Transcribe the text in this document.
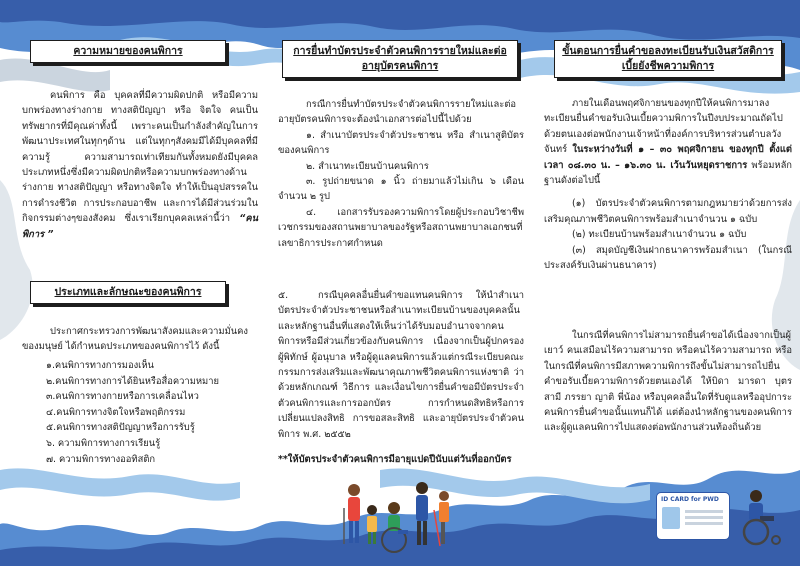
ความหมายของคนพิการ

คนพิการ คือ บุคคลที่มีความผิดปกติ หรือมีความบกพร่องทางร่างกาย ทางสติปัญญา หรือ จิตใจ คนเป็นทรัพยากรที่มีคุณค่าทั้งนี้ เพราะคนเป็นกำลังสำคัญในการพัฒนาประเทศในทุกๆด้าน แต่ในทุกๆสังคมมีได้มีบุคคลที่มีความรู้ ความสามารถเท่าเทียมกันทั้งหมดยังมีบุคคลประเภทหนึ่งซึ่งมีความผิดปกติหรือความบกพร่องทางด้านร่างกาย ทางสติปัญญา หรือทางจิตใจ ทำให้เป็นอุปสรรคในการดำรงชีวิต การประกอบอาชีพ และการได้มีส่วนร่วมในกิจกรรมต่างๆของสังคม ซึ่งเราเรียกบุคคลเหล่านี้ว่า “คนพิการ ”

ประเภทและลักษณะของคนพิการ

ประกาศกระทรวงการพัฒนาสังคมและความมั่นคงของมนุษย์ ได้กำหนดประเภทของคนพิการไว้ ดังนี้

๑.คนพิการทางการมองเห็น

๒.คนพิการทางการได้ยินหรือสื่อความหมาย

๓.คนพิการทางกายหรือการเคลื่อนไหว

๔.คนพิการทางจิตใจหรือพฤติกรรม

๕.คนพิการทางสติปัญญาหรือการรับรู้

๖. ความพิการทางการเรียนรู้

๗. ความพิการทางออทิสติก

การยื่นทำบัตรประจำตัวคนพิการรายใหม่และต่ออายุบัตรคนพิการ

กรณีการยื่นทำบัตรประจำตัวคนพิการรายใหม่และต่ออายุบัตรคนพิการจะต้องนำเอกสารต่อไปนี้ไปด้วย

๑. สำเนาบัตรประจำตัวประชาชน หรือ สำเนาสูติบัตรของคนพิการ

๒. สำเนาทะเบียนบ้านคนพิการ

๓. รูปถ่ายขนาด ๑ นิ้ว ถ่ายมาแล้วไม่เกิน ๖ เดือน จำนวน ๒ รูป

๔. เอกสารรับรองความพิการโดยผู้ประกอบวิชาชีพเวชกรรมของสถานพยาบาลของรัฐหรือสถานพยาบาลเอกชนที่เลขาธิการประกาศกำหนด

๕.	กรณีบุคคลอื่นยื่นคำขอแทนคนพิการ ให้นำสำเนาบัตรประจำตัวประชาชนหรือสำเนาทะเบียนบ้านของบุคคลนั้น และหลักฐานอื่นที่แสดงให้เห็นว่าได้รับมอบอำนาจจากคนพิการหรือมีส่วนเกี่ยวข้องกับคนพิการ เนื่องจากเป็นผู้ปกครอง ผู้พิทักษ์ ผู้อนุบาล หรือผู้ดูแลคนพิการแล้วแต่กรณีระเบียบคณะกรรมการส่งเสริมและพัฒนาคุณภาพชีวิตคนพิการแห่งชาติ ว่าด้วยหลักเกณฑ์ วิธีการ และเงื่อนไขการยื่นคำขอมีบัตรประจำตัวคนพิการและการออกบัตร การกำหนดสิทธิหรือการเปลี่ยนแปลงสิทธิ การขอสละสิทธิ และอายุบัตรประจำตัวคนพิการ พ.ศ. ๒๕๕๒

**ให้บัตรประจำตัวคนพิการมีอายุแปดปีนับแต่วันที่ออกบัตร
ขั้นตอนการยื่นคำขอลงทะเบียนรับเงินสวัสดิการเบี้ยยังชีพความพิการ

ภายในเดือนพฤศจิกายนของทุกปีให้คนพิการมาลงทะเบียนยื่นคำขอรับเงินเบี้ยความพิการในปีงบประมาณถัดไปด้วยตนเองต่อพนักงานเจ้าหน้าที่องค์การบริหารส่วนตำบลวังจันทร์ ในระหว่างวันที่ ๑ – ๓๐ พฤศจิกายน ของทุกปี ตั้งแต่เวลา ๐๘.๓๐ น. – ๑๖.๓๐ น. เว้นวันหยุดราชการ พร้อมหลักฐานดังต่อไปนี้

(๑) บัตรประจำตัวคนพิการตามกฎหมายว่าด้วยการส่งเสริมคุณภาพชีวิตคนพิการพร้อมสำเนาจำนวน ๑ ฉบับ

(๒) ทะเบียนบ้านพร้อมสำเนาจำนวน ๑ ฉบับ

(๓) สมุดบัญชีเงินฝากธนาคารพร้อมสำเนา (ในกรณีประสงค์รับเงินผ่านธนาคาร)

ในกรณีที่คนพิการไม่สามารถยื่นคำขอได้เนื่องจากเป็นผู้เยาว์ คนเสมือนไร้ความสามารถ หรือคนไร้ความสามารถ หรือในกรณีที่คนพิการมีสภาพความพิการถึงขั้นไม่สามารถไปยื่นคำขอรับเบี้ยความพิการด้วยตนเองได้ ให้บิดา มารดา บุตร สามี ภรรยา ญาติ พี่น้อง หรือบุคคลอื่นใดที่รับดูแลหรืออุปการะคนพิการยื่นคำขอนั้นแทนก็ได้ แต่ต้องนำหลักฐานของคนพิการและผู้ดูแลคนพิการไปแสดงต่อพนักงานส่วนท้องถิ่นด้วย

ID CARD for PWD
